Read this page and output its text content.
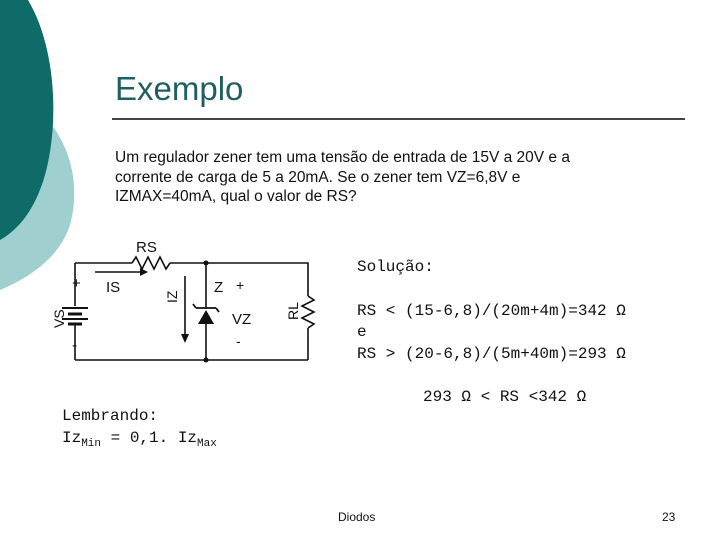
Exemplo
Um regulador zener tem uma tensão de entrada de 15V a 20V e a
corrente de carga de 5 a 20mA. Se o zener tem VZ=6,8V e
IZMAX=40mA, qual o valor de RS?
RS
IS
IZ
Z +
VZ
-
RL
VS
+
-
Solução:
RS < (15-6,8)/(20m+4m)=342 Ω
e
RS > (20-6,8)/(5m+40m)=293 Ω
293 Ω < RS <342 Ω
Lembrando:
$Iz_{Min} = 0,1$. $Iz_{Max}$
Diodos	23
